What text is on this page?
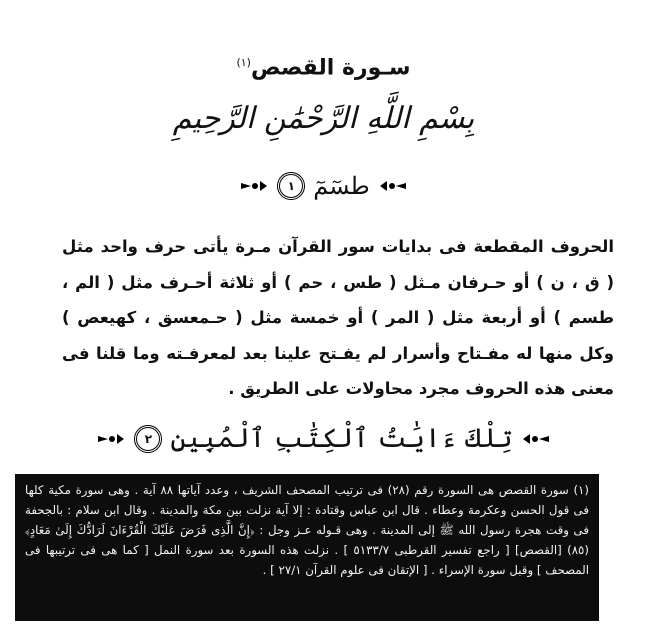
سـورة القصص$^{(١)}$
بِسْمِ اللَّهِ الرَّحْمَٰنِ الرَّحِيمِ
طسٓمٓ
١
الحروف المقطعة فى بدايات سور القرآن مـرة يأتى حرف واحد مثل ( ق ، ن ) أو حـرفان مـثل ( طس ، حم ) أو ثلاثة أحـرف مثل ( الم ، طسم ) أو أربعة مثل ( المر ) أو خمسة مثل ( حـمعسق ، كهيعص ) وكل منها له مفـتاح وأسرار لم يفـتح علينا بعد لمعرفـته وما قلنا فى معنى هذه الحروف مجرد محاولات على الطريق .
تِلْكَ ءَايَٰتُ ٱلْكِتَٰبِ ٱلْمُبِينِ
٢
(١) سورة القصص هى السورة رقم (٢٨) فى ترتيب المصحف الشريف ، وعدد آياتها ٨٨ آية . وهى سورة مكية كلها فى قول الحسن وعكرمة وعطاء . قال ابن عباس وقتادة : إلا آية نزلت بين مكة والمدينة . وقال ابن سلام : بالجحفة فى وقت هجرة رسول الله ﷺ إلى المدينة . وهى قـوله عـز وجل : ﴿إِنَّ الَّذِى فَرَضَ عَلَيْكَ الْقُرْءَانَ لَرَادُّكَ إِلَىٰ مَعَادٍ﴾ (٨٥) [القصص] [ راجع تفسير القرطبى ٥١٣٣/٧ ] . نزلت هذه السورة بعد سورة النمل [ كما هى فى ترتيبها فى المصحف ] وقبل سورة الإسراء . [ الإتقان فى علوم القرآن ٢٧/١ ] .
